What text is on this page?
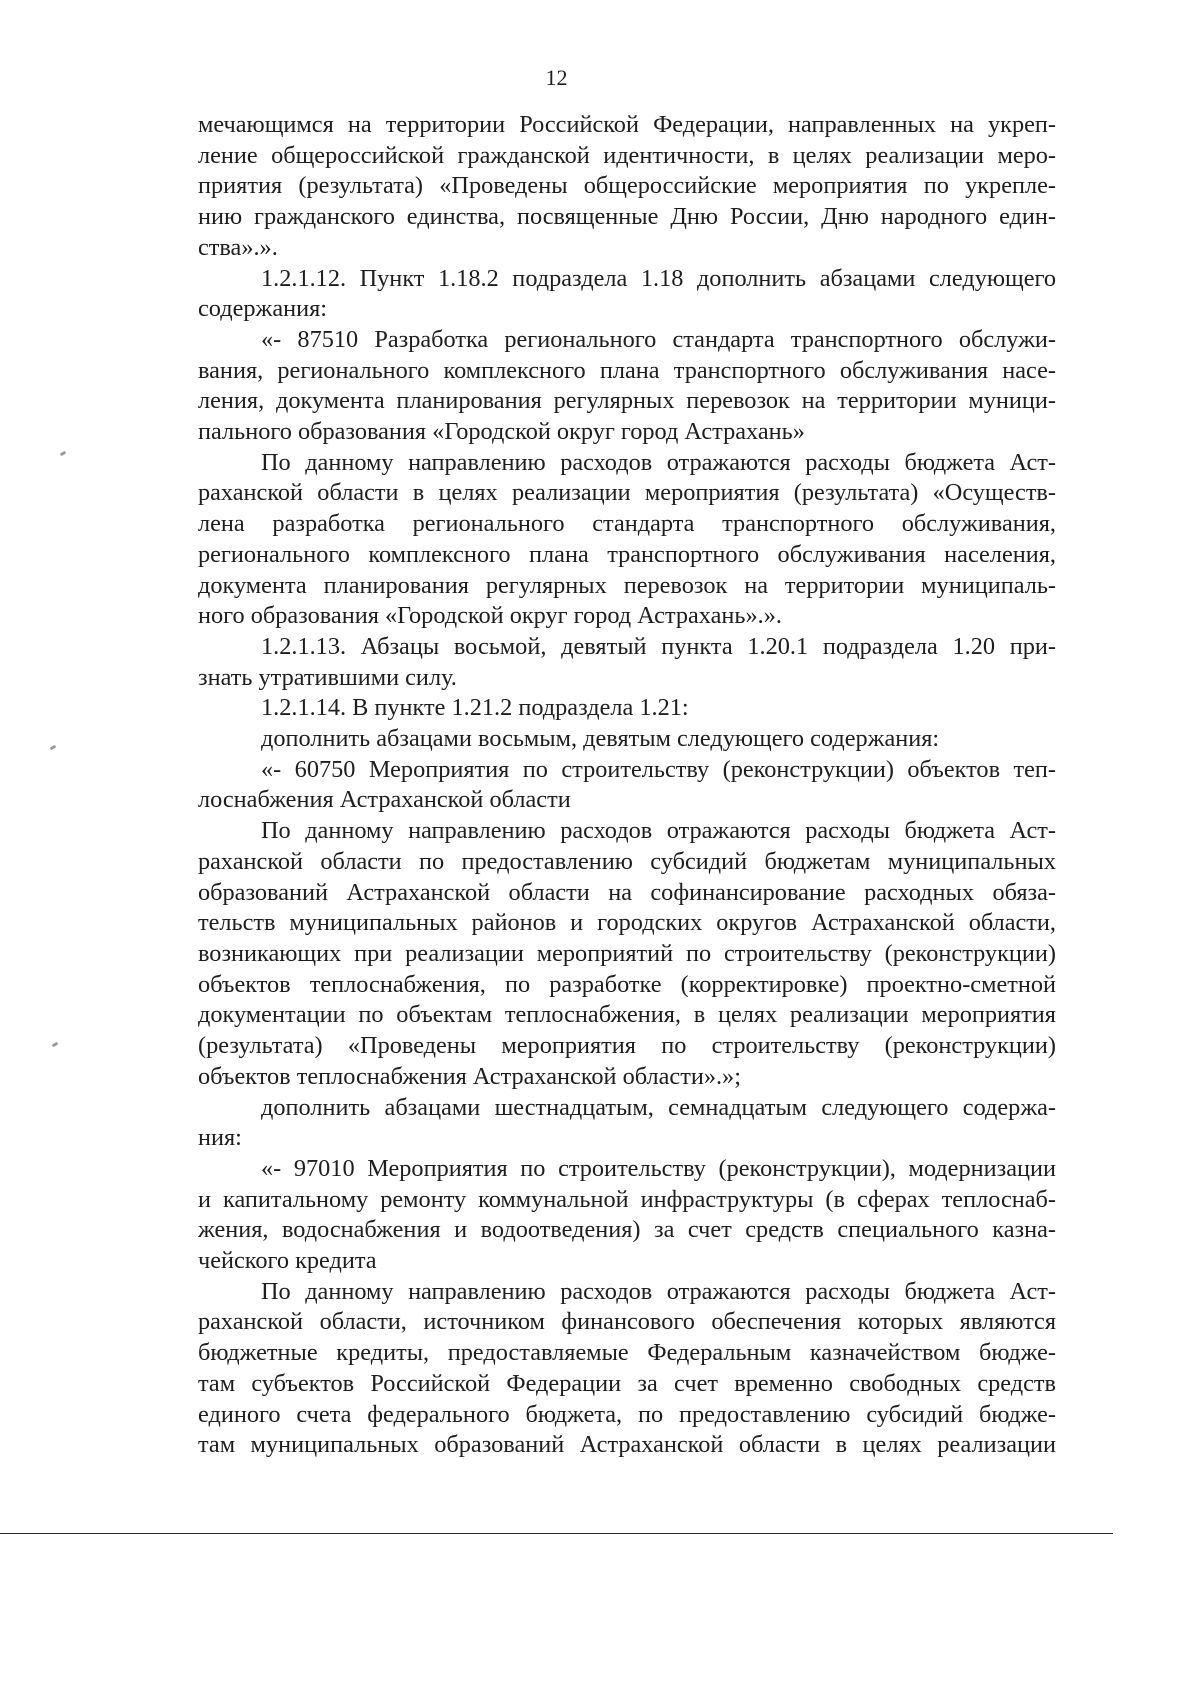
12
мечающимся на территории Российской Федерации, направленных на укреп-
ление общероссийской гражданской идентичности, в целях реализации меро-
приятия (результата) «Проведены общероссийские мероприятия по укрепле-
нию гражданского единства, посвященные Дню России, Дню народного един-
ства».».
1.2.1.12. Пункт 1.18.2 подраздела 1.18 дополнить абзацами следующего
содержания:
«- 87510 Разработка регионального стандарта транспортного обслужи-
вания, регионального комплексного плана транспортного обслуживания насе-
ления, документа планирования регулярных перевозок на территории муници-
пального образования «Городской округ город Астрахань»
По данному направлению расходов отражаются расходы бюджета Аст-
раханской области в целях реализации мероприятия (результата) «Осуществ-
лена разработка регионального стандарта транспортного обслуживания,
регионального комплексного плана транспортного обслуживания населения,
документа планирования регулярных перевозок на территории муниципаль-
ного образования «Городской округ город Астрахань».».
1.2.1.13. Абзацы восьмой, девятый пункта 1.20.1 подраздела 1.20 при-
знать утратившими силу.
1.2.1.14. В пункте 1.21.2 подраздела 1.21:
дополнить абзацами восьмым, девятым следующего содержания:
«- 60750 Мероприятия по строительству (реконструкции) объектов теп-
лоснабжения Астраханской области
По данному направлению расходов отражаются расходы бюджета Аст-
раханской области по предоставлению субсидий бюджетам муниципальных
образований Астраханской области на софинансирование расходных обяза-
тельств муниципальных районов и городских округов Астраханской области,
возникающих при реализации мероприятий по строительству (реконструкции)
объектов теплоснабжения, по разработке (корректировке) проектно-сметной
документации по объектам теплоснабжения, в целях реализации мероприятия
(результата) «Проведены мероприятия по строительству (реконструкции)
объектов теплоснабжения Астраханской области».»;
дополнить абзацами шестнадцатым, семнадцатым следующего содержа-
ния:
«- 97010 Мероприятия по строительству (реконструкции), модернизации
и капитальному ремонту коммунальной инфраструктуры (в сферах теплоснаб-
жения, водоснабжения и водоотведения) за счет средств специального казна-
чейского кредита
По данному направлению расходов отражаются расходы бюджета Аст-
раханской области, источником финансового обеспечения которых являются
бюджетные кредиты, предоставляемые Федеральным казначейством бюдже-
там субъектов Российской Федерации за счет временно свободных средств
единого счета федерального бюджета, по предоставлению субсидий бюдже-
там муниципальных образований Астраханской области в целях реализации
